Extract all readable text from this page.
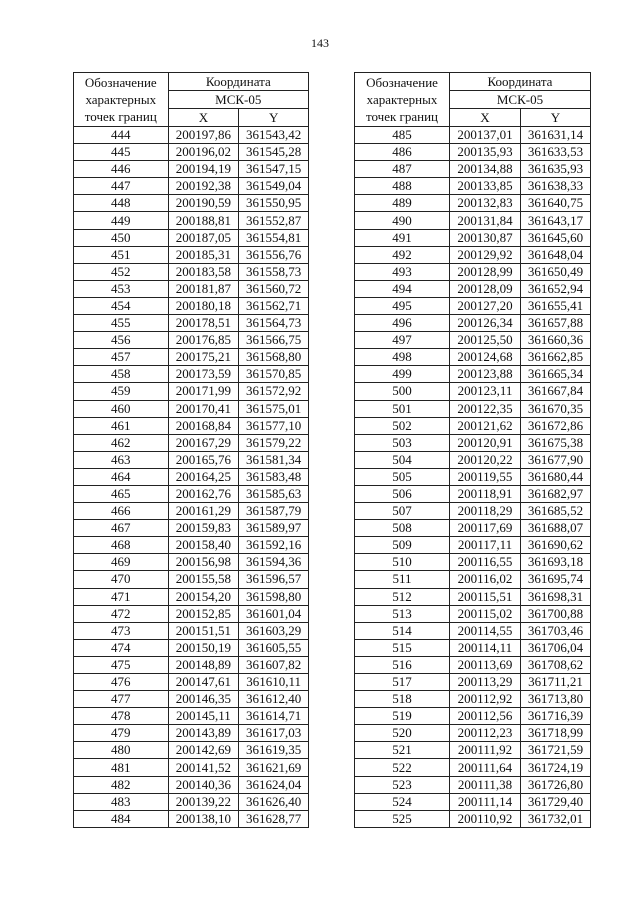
143
Обозначение
характерных
точек границ	Координата	
	МСК-05	
	X	Y
444	200197,86	361543,42
445	200196,02	361545,28
446	200194,19	361547,15
447	200192,38	361549,04
448	200190,59	361550,95
449	200188,81	361552,87
450	200187,05	361554,81
451	200185,31	361556,76
452	200183,58	361558,73
453	200181,87	361560,72
454	200180,18	361562,71
455	200178,51	361564,73
456	200176,85	361566,75
457	200175,21	361568,80
458	200173,59	361570,85
459	200171,99	361572,92
460	200170,41	361575,01
461	200168,84	361577,10
462	200167,29	361579,22
463	200165,76	361581,34
464	200164,25	361583,48
465	200162,76	361585,63
466	200161,29	361587,79
467	200159,83	361589,97
468	200158,40	361592,16
469	200156,98	361594,36
470	200155,58	361596,57
471	200154,20	361598,80
472	200152,85	361601,04
473	200151,51	361603,29
474	200150,19	361605,55
475	200148,89	361607,82
476	200147,61	361610,11
477	200146,35	361612,40
478	200145,11	361614,71
479	200143,89	361617,03
480	200142,69	361619,35
481	200141,52	361621,69
482	200140,36	361624,04
483	200139,22	361626,40
484	200138,10	361628,77
Обозначение
характерных
точек границ	Координата	
	МСК-05	
	X	Y
485	200137,01	361631,14
486	200135,93	361633,53
487	200134,88	361635,93
488	200133,85	361638,33
489	200132,83	361640,75
490	200131,84	361643,17
491	200130,87	361645,60
492	200129,92	361648,04
493	200128,99	361650,49
494	200128,09	361652,94
495	200127,20	361655,41
496	200126,34	361657,88
497	200125,50	361660,36
498	200124,68	361662,85
499	200123,88	361665,34
500	200123,11	361667,84
501	200122,35	361670,35
502	200121,62	361672,86
503	200120,91	361675,38
504	200120,22	361677,90
505	200119,55	361680,44
506	200118,91	361682,97
507	200118,29	361685,52
508	200117,69	361688,07
509	200117,11	361690,62
510	200116,55	361693,18
511	200116,02	361695,74
512	200115,51	361698,31
513	200115,02	361700,88
514	200114,55	361703,46
515	200114,11	361706,04
516	200113,69	361708,62
517	200113,29	361711,21
518	200112,92	361713,80
519	200112,56	361716,39
520	200112,23	361718,99
521	200111,92	361721,59
522	200111,64	361724,19
523	200111,38	361726,80
524	200111,14	361729,40
525	200110,92	361732,01
